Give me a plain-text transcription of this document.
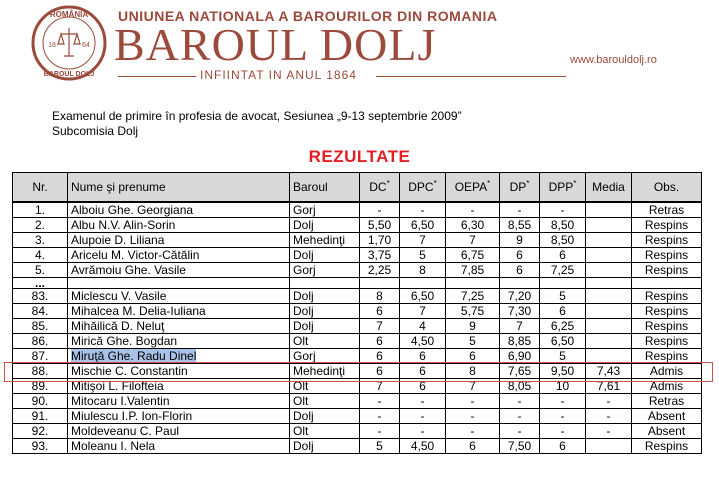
ROMÂNIA
BAROUL DOLJ
18	64
UNIUNEA NATIONALA A BAROURILOR DIN ROMANIA
BAROUL DOLJ
INFIINTAT IN ANUL 1864
www.barouldolj.ro
Examenul de primire în profesia de avocat, Sesiunea „9-13 septembrie 2009”
Subcomisia Dolj
REZULTATE
Nr.	Nume şi prenume	Baroul	DC*	DPC*	OEPA*	DP*	DPP*	Media	Obs.
1.	Alboiu Ghe. Georgiana	Gorj	-	-	-	-	-		Retras
2.	Albu N.V. Alin-Sorin	Dolj	5,50	6,50	6,30	8,55	8,50		Respins
3.	Alupoie D. Liliana	Mehedinţi	1,70	7	7	9	8,50		Respins
4.	Aricelu M. Victor-Cătălin	Dolj	3,75	5	6,75	6	6		Respins
5.	Avrămoiu Ghe. Vasile	Gorj	2,25	8	7,85	6	7,25		Respins
...									
83.	Miclescu V. Vasile	Dolj	8	6,50	7,25	7,20	5		Respins
84.	Mihalcea M. Delia-Iuliana	Dolj	6	7	5,75	7,30	6		Respins
85.	Mihăilică D. Neluţ	Dolj	7	4	9	7	6,25		Respins
86.	Mirică Ghe. Bogdan	Olt	6	4,50	5	8,85	6,50		Respins
87.	Miruţă Ghe. Radu Dinel	Gorj	6	6	6	6,90	5		Respins
88.	Mischie C. Constantin	Mehedinţi	6	6	8	7,65	9,50	7,43	Admis
89.	Mitişoi L. Filofteia	Olt	7	6	7	8,05	10	7,61	Admis
90.	Mitocaru I.Valentin	Olt	-	-	-	-	-	-	Retras
91.	Miulescu I.P. Ion-Florin	Dolj	-	-	-	-	-	-	Absent
92.	Moldeveanu C. Paul	Olt	-	-	-	-	-	-	Absent
93.	Moleanu I. Nela	Dolj	5	4,50	6	7,50	6		Respins
